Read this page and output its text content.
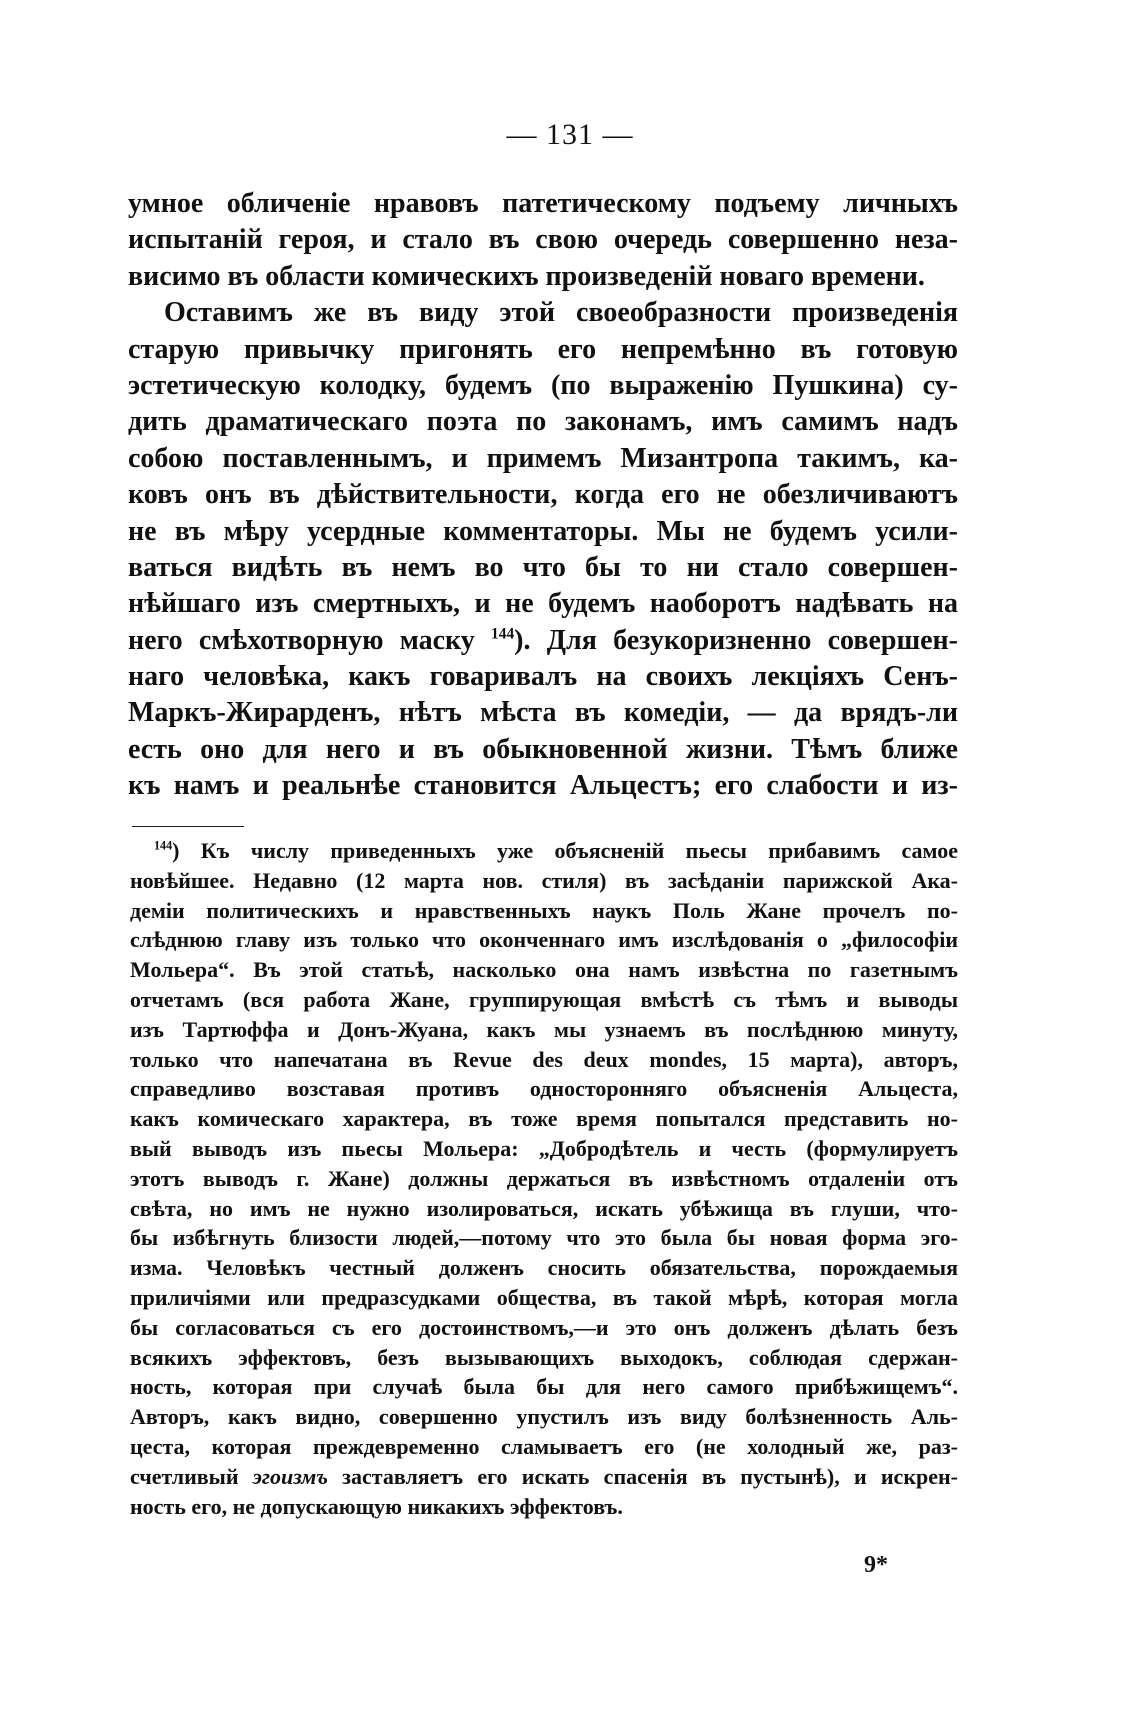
— 131 —
умное обличеніе нравовъ патетическому подъему личныхъ
испытаній героя, и стало въ свою очередь совершенно неза-
висимо въ области комическихъ произведеній новаго времени.
Оставимъ же въ виду этой своеобразности произведенія
старую привычку пригонять его непремѣнно въ готовую
эстетическую колодку, будемъ (по выраженію Пушкина) су-
дить драматическаго поэта по законамъ, имъ самимъ надъ
собою поставленнымъ, и примемъ Мизантропа такимъ, ка-
ковъ онъ въ дѣйствительности, когда его не обезличиваютъ
не въ мѣру усердные комментаторы. Мы не будемъ усили-
ваться видѣть въ немъ во что бы то ни стало совершен-
нѣйшаго изъ смертныхъ, и не будемъ наоборотъ надѣвать на
него смѣхотворную маску $^{144}$). Для безукоризненно совершен-
наго человѣка, какъ говаривалъ на своихъ лекціяхъ Сенъ-
Маркъ-Жирарденъ, нѣтъ мѣста въ комедіи, — да врядъ-ли
есть оно для него и въ обыкновенной жизни. Тѣмъ ближе
къ намъ и реальнѣе становится Альцестъ; его слабости и из-
$^{144}$) Къ числу приведенныхъ уже объясненій пьесы прибавимъ самое
новѣйшее. Недавно (12 марта нов. стиля) въ засѣданіи парижской Ака-
деміи политическихъ и нравственныхъ наукъ Поль Жане прочелъ по-
слѣднюю главу изъ только что оконченнаго имъ изслѣдованія о „философіи
Мольера“. Въ этой статьѣ, насколько она намъ извѣстна по газетнымъ
отчетамъ (вся работа Жане, группирующая вмѣстѣ съ тѣмъ и выводы
изъ Тартюффа и Донъ-Жуана, какъ мы узнаемъ въ послѣднюю минуту,
только что напечатана въ Revue des deux mondes, 15 марта), авторъ,
справедливо возставая противъ односторонняго объясненія Альцеста,
какъ комическаго характера, въ тоже время попытался представить но-
вый выводъ изъ пьесы Мольера: „Добродѣтель и честь (формулируетъ
этотъ выводъ г. Жане) должны держаться въ извѣстномъ отдаленіи отъ
свѣта, но имъ не нужно изолироваться, искать убѣжища въ глуши, что-
бы избѣгнуть близости людей,—потому что это была бы новая форма эго-
изма. Человѣкъ честный долженъ сносить обязательства, порождаемыя
приличіями или предразсудками общества, въ такой мѣрѣ, которая могла
бы согласоваться съ его достоинствомъ,—и это онъ долженъ дѣлать безъ
всякихъ эффектовъ, безъ вызывающихъ выходокъ, соблюдая сдержан-
ность, которая при случаѣ была бы для него самого прибѣжищемъ“.
Авторъ, какъ видно, совершенно упустилъ изъ виду болѣзненность Аль-
цеста, которая преждевременно сламываетъ его (не холодный же, раз-
счетливый эгоизмъ заставляетъ его искать спасенія въ пустынѣ), и искрен-
ность его, не допускающую никакихъ эффектовъ.
9*
